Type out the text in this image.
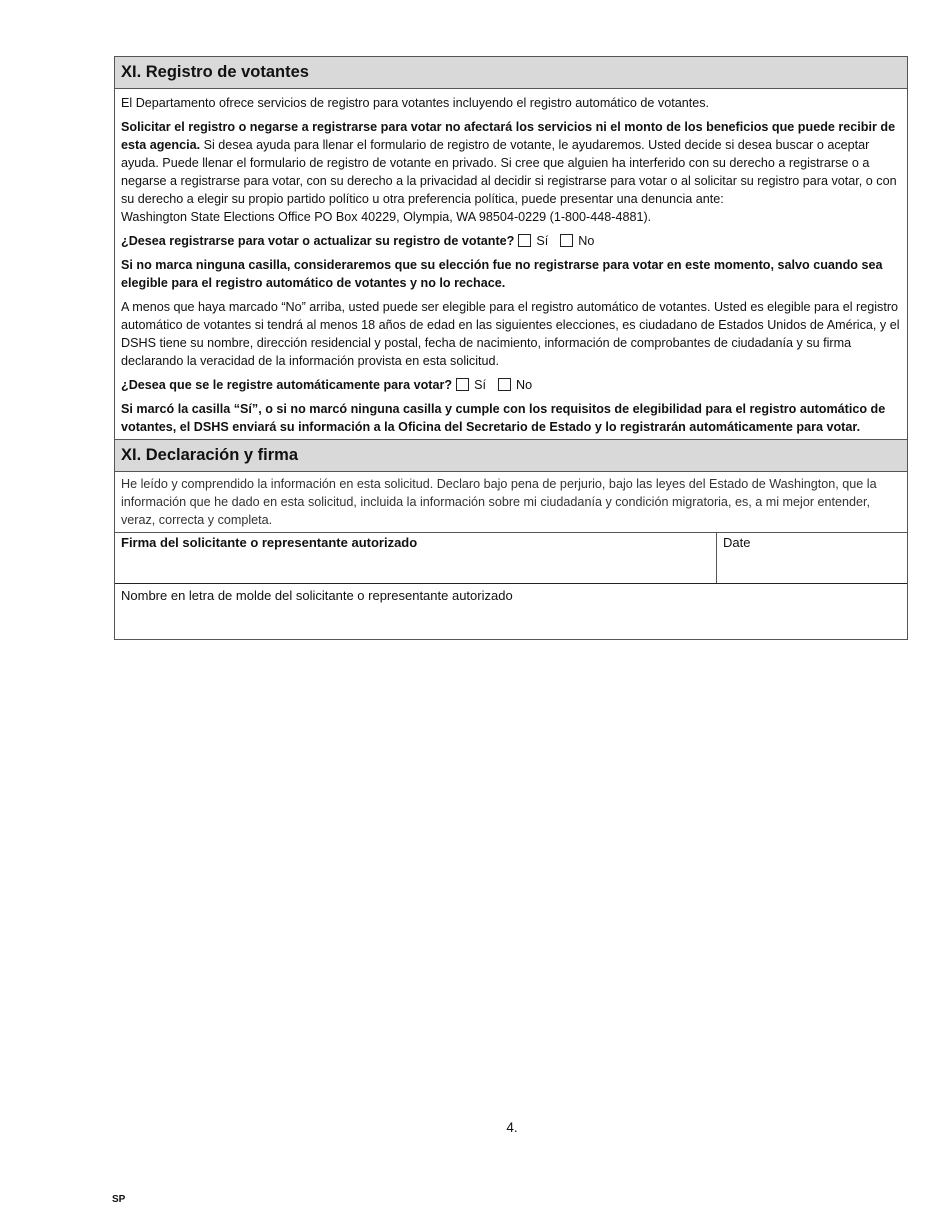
XI. Registro de votantes

El Departamento ofrece servicios de registro para votantes incluyendo el registro automático de votantes.

Solicitar el registro o negarse a registrarse para votar no afectará los servicios ni el monto de los beneficios que puede recibir de esta agencia. Si desea ayuda para llenar el formulario de registro de votante, le ayudaremos. Usted decide si desea buscar o aceptar ayuda. Puede llenar el formulario de registro de votante en privado. Si cree que alguien ha interferido con su derecho a registrarse o a negarse a registrarse para votar, con su derecho a la privacidad al decidir si registrarse para votar o al solicitar su registro para votar, o con su derecho a elegir su propio partido político u otra preferencia política, puede presentar una denuncia ante:
Washington State Elections Office PO Box 40229, Olympia, WA 98504-0229 (1-800-448-4881).

¿Desea registrarse para votar o actualizar su registro de votante? Sí No

Si no marca ninguna casilla, consideraremos que su elección fue no registrarse para votar en este momento, salvo cuando sea elegible para el registro automático de votantes y no lo rechace.

A menos que haya marcado “No” arriba, usted puede ser elegible para el registro automático de votantes. Usted es elegible para el registro automático de votantes si tendrá al menos 18 años de edad en las siguientes elecciones, es ciudadano de Estados Unidos de América, y el DSHS tiene su nombre, dirección residencial y postal, fecha de nacimiento, información de comprobantes de ciudadanía y su firma declarando la veracidad de la información provista en esta solicitud.

¿Desea que se le registre automáticamente para votar? Sí No

Si marcó la casilla “Sí”, o si no marcó ninguna casilla y cumple con los requisitos de elegibilidad para el registro automático de votantes, el DSHS enviará su información a la Oficina del Secretario de Estado y lo registrarán automáticamente para votar.

XI. Declaración y firma
He leído y comprendido la información en esta solicitud. Declaro bajo pena de perjurio, bajo las leyes del Estado de Washington, que la información que he dado en esta solicitud, incluida la información sobre mi ciudadanía y condición migratoria, es, a mi mejor entender, veraz, correcta y completa.
Firma del solicitante o representante autorizado	Date
Nombre en letra de molde del solicitante o representante autorizado
4.
SP
